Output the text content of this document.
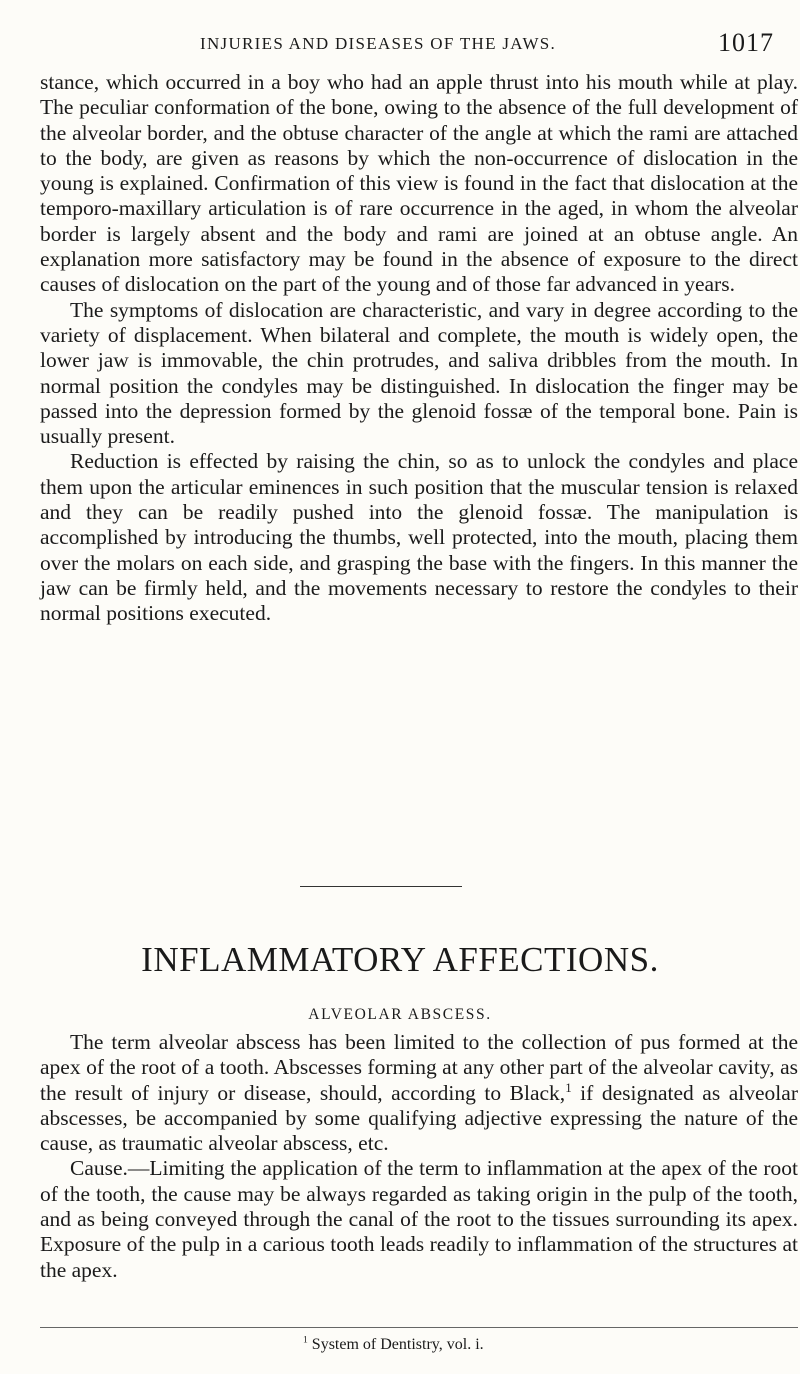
INJURIES AND DISEASES OF THE JAWS.	1017

stance, which occurred in a boy who had an apple thrust into his mouth while at play. The peculiar conformation of the bone, owing to the absence of the full development of the alveolar border, and the obtuse character of the angle at which the rami are attached to the body, are given as reasons by which the non-occurrence of dislocation in the young is explained. Confirmation of this view is found in the fact that dislocation at the temporo-maxillary articulation is of rare occurrence in the aged, in whom the alveolar border is largely absent and the body and rami are joined at an obtuse angle. An explanation more satisfactory may be found in the absence of exposure to the direct causes of dislocation on the part of the young and of those far advanced in years.

The symptoms of dislocation are characteristic, and vary in degree according to the variety of displacement. When bilateral and complete, the mouth is widely open, the lower jaw is immovable, the chin protrudes, and saliva dribbles from the mouth. In normal position the condyles may be distinguished. In dislocation the finger may be passed into the depression formed by the glenoid fossæ of the temporal bone. Pain is usually present.

Reduction is effected by raising the chin, so as to unlock the condyles and place them upon the articular eminences in such position that the muscular tension is relaxed and they can be readily pushed into the glenoid fossæ. The manipulation is accomplished by introducing the thumbs, well protected, into the mouth, placing them over the molars on each side, and grasping the base with the fingers. In this manner the jaw can be firmly held, and the movements necessary to restore the condyles to their normal positions executed.

INFLAMMATORY AFFECTIONS.
ALVEOLAR ABSCESS.

The term alveolar abscess has been limited to the collection of pus formed at the apex of the root of a tooth. Abscesses forming at any other part of the alveolar cavity, as the result of injury or disease, should, according to Black,$^1$ if designated as alveolar abscesses, be accompanied by some qualifying adjective expressing the nature of the cause, as traumatic alveolar abscess, etc.

Cause.—Limiting the application of the term to inflammation at the apex of the root of the tooth, the cause may be always regarded as taking origin in the pulp of the tooth, and as being conveyed through the canal of the root to the tissues surrounding its apex. Exposure of the pulp in a carious tooth leads readily to inflammation of the structures at the apex.

$^1$ System of Dentistry, vol. i.
